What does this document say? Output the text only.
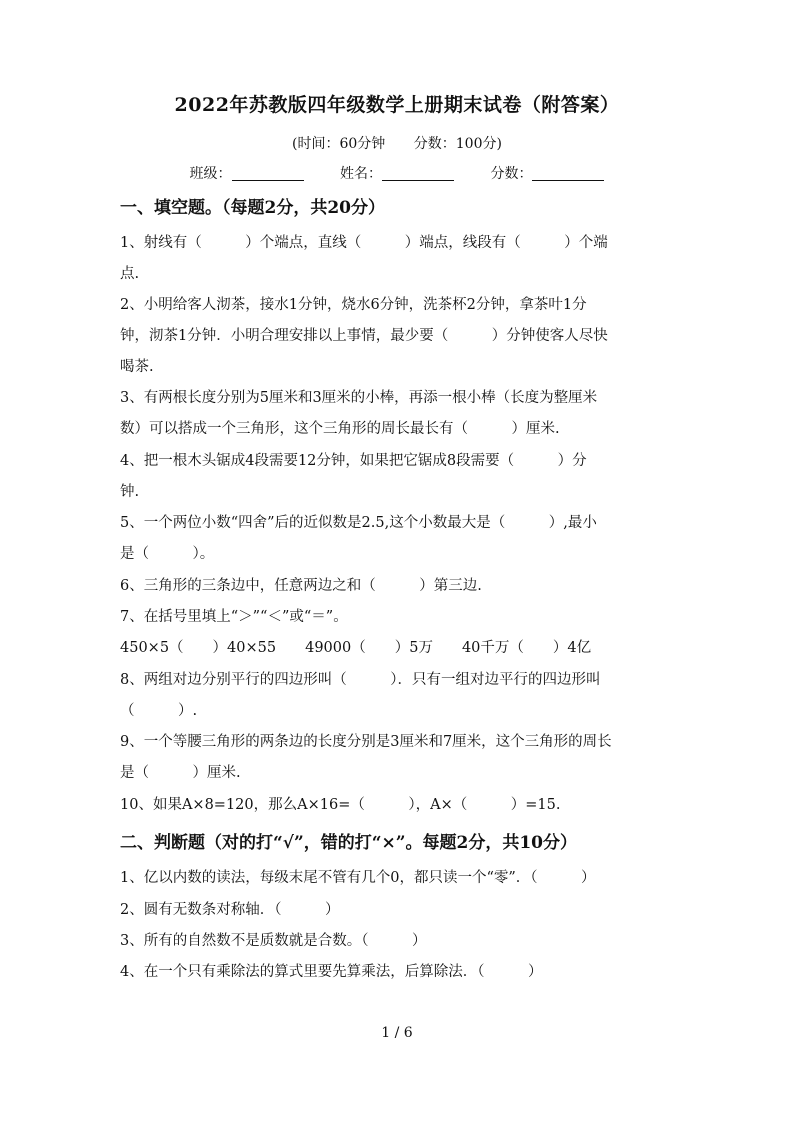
2022年苏教版四年级数学上册期末试卷（附答案）
(时间：60分钟 分数：100分)
班级：	姓名：	分数：
一、填空题。（每题2分，共20分）
1、射线有（　　　）个端点，直线（　　　）端点，线段有（　　　）个端
点.
2、小明给客人沏茶，接水1分钟，烧水6分钟，洗茶杯2分钟，拿茶叶1分
钟，沏茶1分钟．小明合理安排以上事情，最少要（　　　）分钟使客人尽快
喝茶.
3、有两根长度分别为5厘米和3厘米的小棒，再添一根小棒（长度为整厘米
数）可以搭成一个三角形，这个三角形的周长最长有（　　　）厘米.
4、把一根木头锯成4段需要12分钟，如果把它锯成8段需要（　　　）分
钟.
5、一个两位小数“四舍”后的近似数是2.5,这个小数最大是（　　　）,最小
是（　　　）。
6、三角形的三条边中，任意两边之和（　　　）第三边.
7、在括号里填上“＞”“＜”或“＝”。
450×5（　　）40×55　　49000（　　）5万　　40千万（　　）4亿
8、两组对边分别平行的四边形叫（　　　）．只有一组对边平行的四边形叫
（　　　）.
9、一个等腰三角形的两条边的长度分别是3厘米和7厘米，这个三角形的周长
是（　　　）厘米.
10、如果A×8=120，那么A×16=（　　　），A×（　　　）=15.
二、判断题（对的打“√”，错的打“×”。每题2分，共10分）
1、亿以内数的读法，每级末尾不管有几个0，都只读一个“零”．（　　　）
2、圆有无数条对称轴．（　　　）
3、所有的自然数不是质数就是合数。（　　　）
4、在一个只有乘除法的算式里要先算乘法，后算除法．（　　　）
1 / 6
